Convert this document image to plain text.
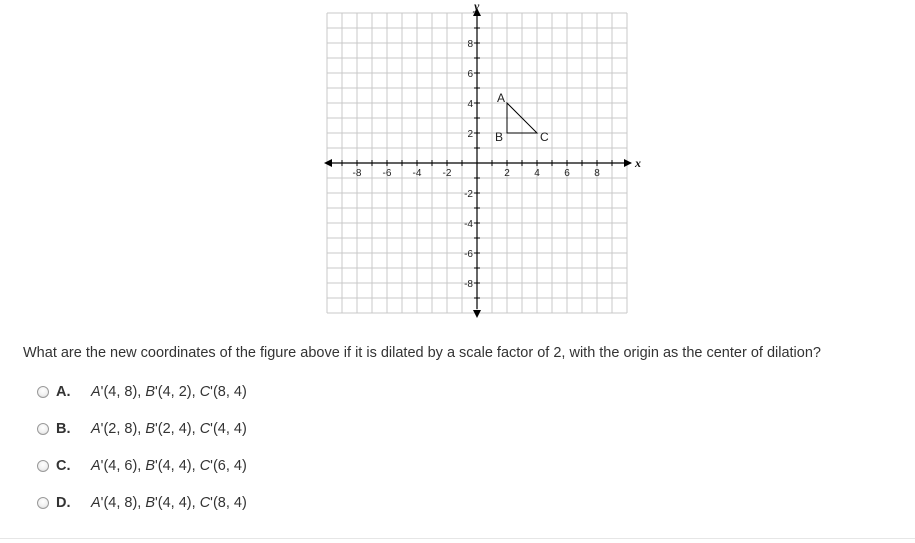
-8 -6 -4 -2	2 4 6 8
8
6
4
2
-2
-4
-6
-8
A
B	C
x
y
What are the new coordinates of the figure above if it is dilated by a scale factor of 2, with the origin as the center of dilation?
A.	A'(4, 8), B'(4, 2), C'(8, 4)
B.	A'(2, 8), B'(2, 4), C'(4, 4)
C.	A'(4, 6), B'(4, 4), C'(6, 4)
D.	A'(4, 8), B'(4, 4), C'(8, 4)
